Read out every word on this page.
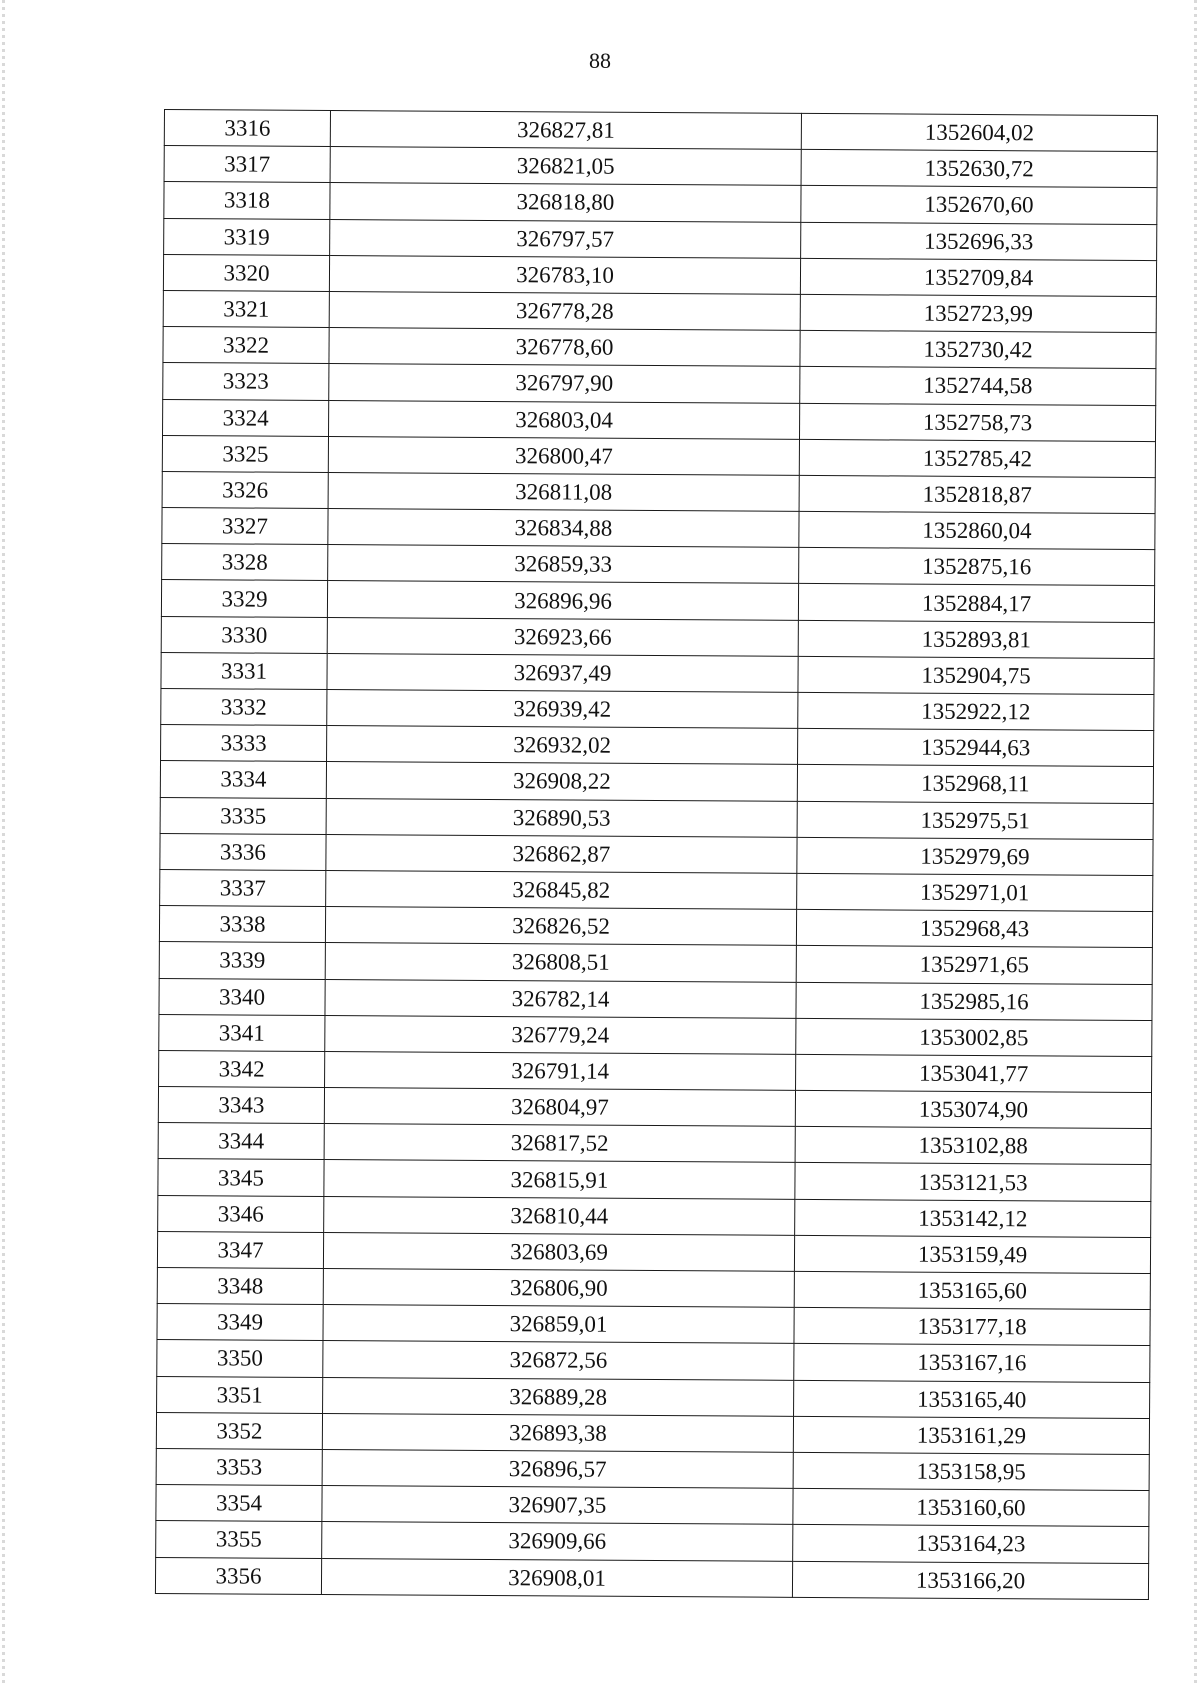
88
3316	326827,81	1352604,02
3317	326821,05	1352630,72
3318	326818,80	1352670,60
3319	326797,57	1352696,33
3320	326783,10	1352709,84
3321	326778,28	1352723,99
3322	326778,60	1352730,42
3323	326797,90	1352744,58
3324	326803,04	1352758,73
3325	326800,47	1352785,42
3326	326811,08	1352818,87
3327	326834,88	1352860,04
3328	326859,33	1352875,16
3329	326896,96	1352884,17
3330	326923,66	1352893,81
3331	326937,49	1352904,75
3332	326939,42	1352922,12
3333	326932,02	1352944,63
3334	326908,22	1352968,11
3335	326890,53	1352975,51
3336	326862,87	1352979,69
3337	326845,82	1352971,01
3338	326826,52	1352968,43
3339	326808,51	1352971,65
3340	326782,14	1352985,16
3341	326779,24	1353002,85
3342	326791,14	1353041,77
3343	326804,97	1353074,90
3344	326817,52	1353102,88
3345	326815,91	1353121,53
3346	326810,44	1353142,12
3347	326803,69	1353159,49
3348	326806,90	1353165,60
3349	326859,01	1353177,18
3350	326872,56	1353167,16
3351	326889,28	1353165,40
3352	326893,38	1353161,29
3353	326896,57	1353158,95
3354	326907,35	1353160,60
3355	326909,66	1353164,23
3356	326908,01	1353166,20
